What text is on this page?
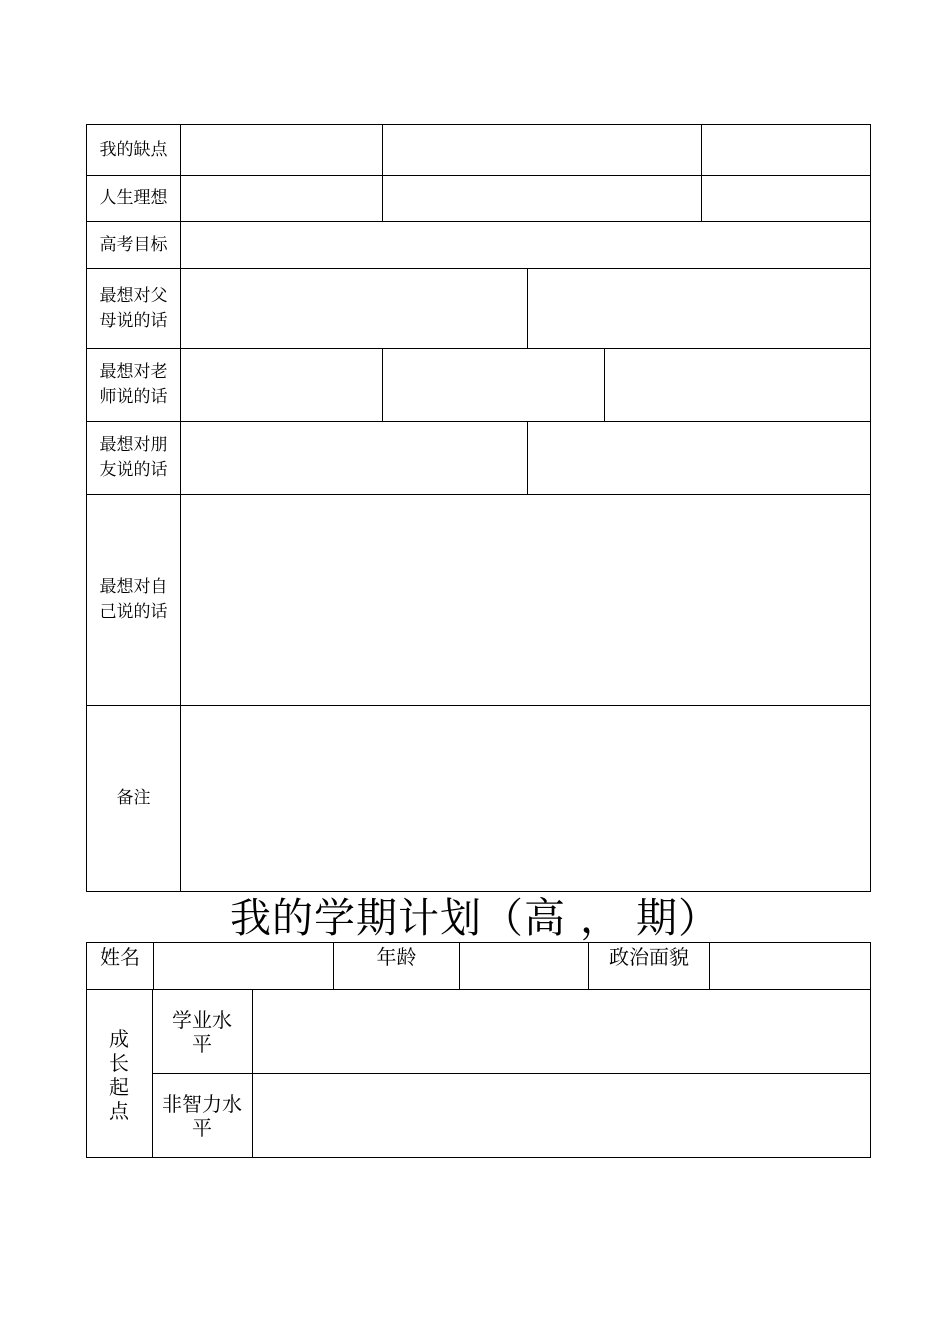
我的缺点
人生理想
高考目标
最想对父母说的话
最想对老师说的话
最想对朋友说的话
最想对自己说的话
备注
我的学期计划（高 ， 期）
姓名	年龄	政治面貌
成长起点
学业水平
非智力水平
